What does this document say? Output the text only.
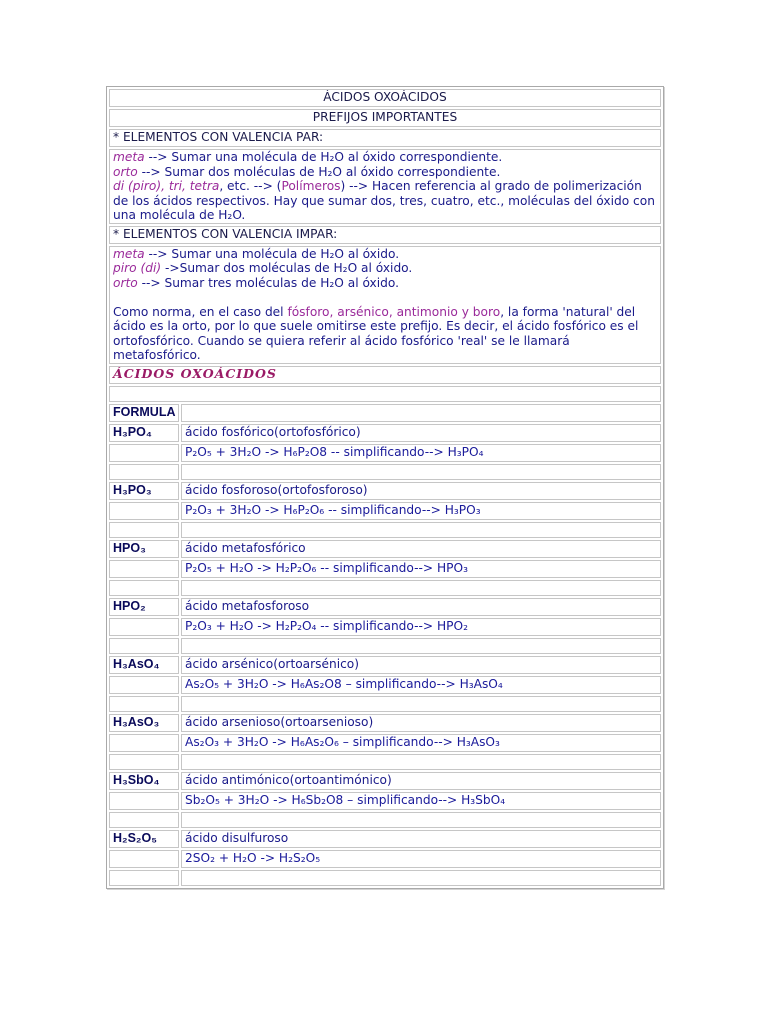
ÁCIDOS OXOÁCIDOS	
PREFIJOS IMPORTANTES	
* ELEMENTOS CON VALENCIA PAR:	
meta --> Sumar una molécula de H₂O al óxido correspondiente.
orto --> Sumar dos moléculas de H₂O al óxido correspondiente.
di (piro), tri, tetra, etc. --> (Polímeros) --> Hacen referencia al grado de polimerización de los ácidos respectivos. Hay que sumar dos, tres, cuatro, etc., moléculas del óxido con una molécula de H₂O.	
* ELEMENTOS CON VALENCIA IMPAR:	
meta --> Sumar una molécula de H₂O al óxido.
piro (di) ->Sumar dos moléculas de H₂O al óxido.
orto --> Sumar tres moléculas de H₂O al óxido.

Como norma, en el caso del fósforo, arsénico, antimonio y boro, la forma 'natural' del ácido es la orto, por lo que suele omitirse este prefijo. Es decir, el ácido fosfórico es el ortofosfórico. Cuando se quiera referir al ácido fosfórico 'real' se le llamará metafosfórico.	
ÁCIDOS OXOÁCIDOS	

FORMULA	
H₃PO₄	ácido fosfórico(ortofosfórico)
	P₂O₅ + 3H₂O -> H₆P₂O8 -- simplificando--> H₃PO₄

H₃PO₃	ácido fosforoso(ortofosforoso)
	P₂O₃ + 3H₂O -> H₆P₂O₆ -- simplificando--> H₃PO₃

HPO₃	ácido metafosfórico
	P₂O₅ + H₂O -> H₂P₂O₆ -- simplificando--> HPO₃

HPO₂	ácido metafosforoso
	P₂O₃ + H₂O -> H₂P₂O₄ -- simplificando--> HPO₂

H₃AsO₄	ácido arsénico(ortoarsénico)
	As₂O₅ + 3H₂O -> H₆As₂O8 – simplificando--> H₃AsO₄

H₃AsO₃	ácido arsenioso(ortoarsenioso)
	As₂O₃ + 3H₂O -> H₆As₂O₆ – simplificando--> H₃AsO₃

H₃SbO₄	ácido antimónico(ortoantimónico)
	Sb₂O₅ + 3H₂O -> H₆Sb₂O8 – simplificando--> H₃SbO₄

H₂S₂O₅	ácido disulfuroso
	2SO₂ + H₂O -> H₂S₂O₅
